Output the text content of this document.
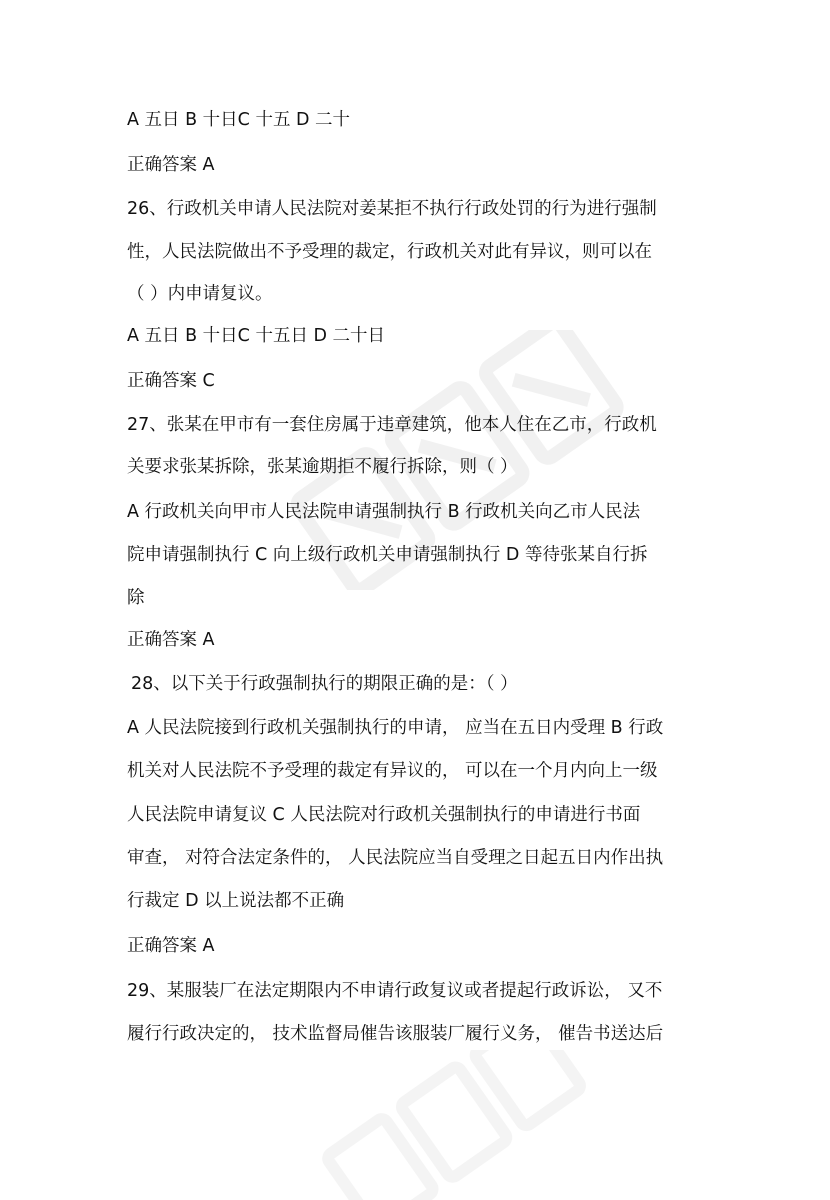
A 五日 B 十日C 十五 D 二十
正确答案 A
26、行政机关申请人民法院对姜某拒不执行行政处罚的行为进行强制
性，人民法院做出不予受理的裁定，行政机关对此有异议，则可以在
（ ）内申请复议。
A 五日 B 十日C 十五日 D 二十日
正确答案 C
27、张某在甲市有一套住房属于违章建筑，他本人住在乙市，行政机
关要求张某拆除，张某逾期拒不履行拆除，则（ ）
A 行政机关向甲市人民法院申请强制执行 B 行政机关向乙市人民法
院申请强制执行 C 向上级行政机关申请强制执行 D 等待张某自行拆
除
正确答案 A
28、以下关于行政强制执行的期限正确的是：（ ）
A 人民法院接到行政机关强制执行的申请， 应当在五日内受理 B 行政
机关对人民法院不予受理的裁定有异议的， 可以在一个月内向上一级
人民法院申请复议 C 人民法院对行政机关强制执行的申请进行书面
审查， 对符合法定条件的， 人民法院应当自受理之日起五日内作出执
行裁定 D 以上说法都不正确
正确答案 A
29、某服装厂在法定期限内不申请行政复议或者提起行政诉讼， 又不
履行行政决定的， 技术监督局催告该服装厂履行义务， 催告书送达后
